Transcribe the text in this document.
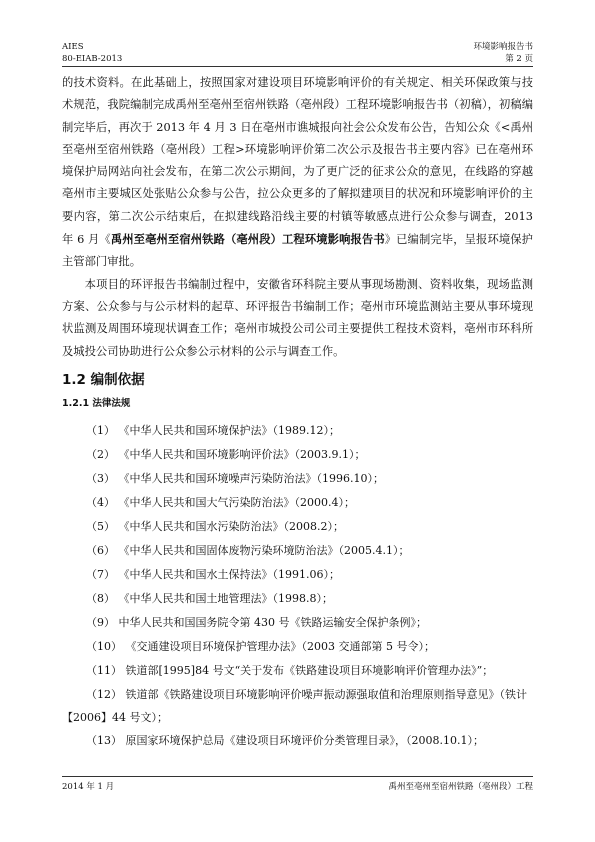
AIES
80-EIAB-2013
环境影响报告书
第 2 页

的技术资料。在此基础上，按照国家对建设项目环境影响评价的有关规定、相关环保政策与技术规范，我院编制完成禹州至亳州至宿州铁路（亳州段）工程环境影响报告书（初稿），初稿编制完毕后，再次于 2013 年 4 月 3 日在亳州市谯城报向社会公众发布公告，告知公众《<禹州至亳州至宿州铁路（亳州段）工程>环境影响评价第二次公示及报告书主要内容》已在亳州环境保护局网站向社会发布，在第二次公示期间，为了更广泛的征求公众的意见，在线路的穿越亳州市主要城区处张贴公众参与公告，拉公众更多的了解拟建项目的状况和环境影响评价的主要内容，第二次公示结束后，在拟建线路沿线主要的村镇等敏感点进行公众参与调查，2013 年 6 月《禹州至亳州至宿州铁路（亳州段）工程环境影响报告书》已编制完毕，呈报环境保护主管部门审批。

本项目的环评报告书编制过程中，安徽省环科院主要从事现场勘测、资料收集，现场监测方案、公众参与与公示材料的起草、环评报告书编制工作；亳州市环境监测站主要从事环境现状监测及周围环境现状调查工作；亳州市城投公司公司主要提供工程技术资料，亳州市环科所及城投公司协助进行公众参公示材料的公示与调查工作。

1.2 编制依据
1.2.1 法律法规
（1） 《中华人民共和国环境保护法》（1989.12）；
（2） 《中华人民共和国环境影响评价法》（2003.9.1）；
（3） 《中华人民共和国环境噪声污染防治法》（1996.10）；
（4） 《中华人民共和国大气污染防治法》（2000.4）；
（5） 《中华人民共和国水污染防治法》（2008.2）；
（6） 《中华人民共和国固体废物污染环境防治法》（2005.4.1）；
（7） 《中华人民共和国水土保持法》（1991.06）；
（8） 《中华人民共和国土地管理法》（1998.8）；
（9） 中华人民共和国国务院令第 430 号《铁路运输安全保护条例》；
（10） 《交通建设项目环境保护管理办法》（2003 交通部第 5 号令）；
（11） 铁道部[1995]84 号文“关于发布《铁路建设项目环境影响评价管理办法》”；
（12） 铁道部《铁路建设项目环境影响评价噪声振动源强取值和治理原则指导意见》（铁计【2006】44 号文）；
（13） 原国家环境保护总局《建设项目环境评价分类管理目录》，（2008.10.1）；
2014 年 1 月	禹州至亳州至宿州铁路（亳州段）工程
